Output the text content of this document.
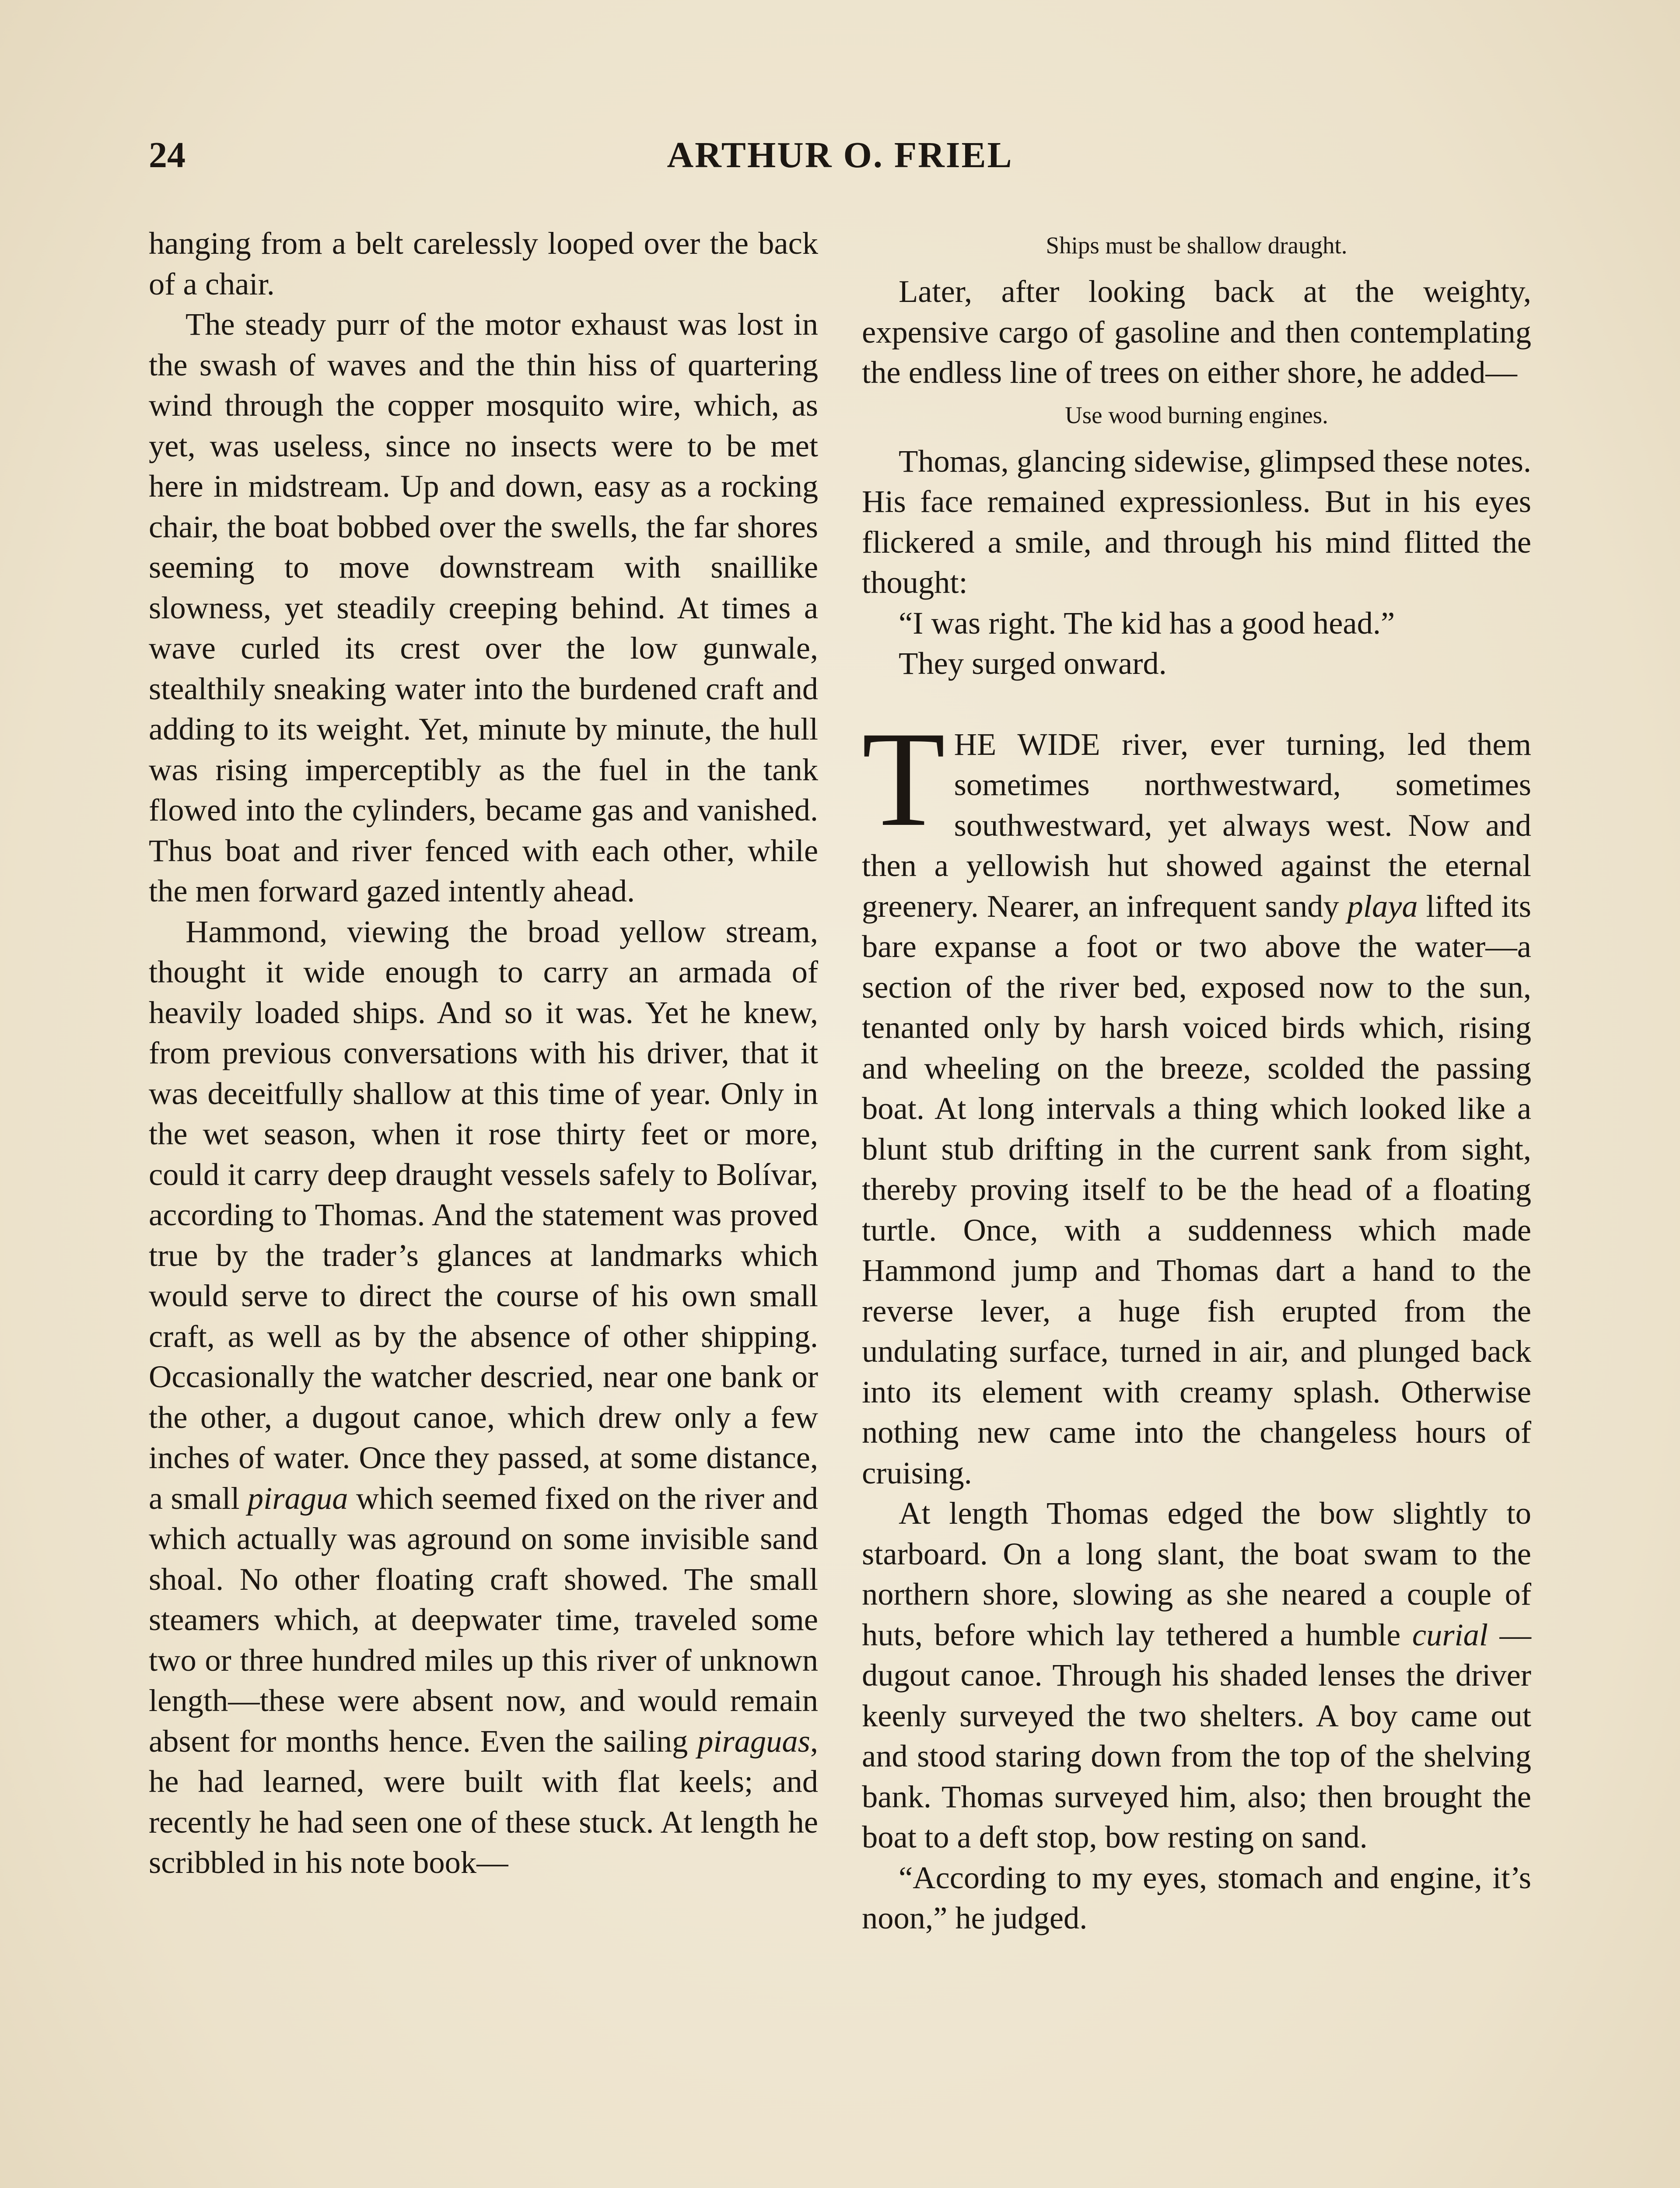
24	ARTHUR O. FRIEL

hanging from a belt carelessly looped over the back of a chair.

The steady purr of the motor exhaust was lost in the swash of waves and the thin hiss of quartering wind through the copper mosquito wire, which, as yet, was useless, since no insects were to be met here in midstream. Up and down, easy as a rocking chair, the boat bobbed over the swells, the far shores seeming to move downstream with snaillike slowness, yet steadily creeping behind. At times a wave curled its crest over the low gunwale, stealthily sneaking water into the burdened craft and adding to its weight. Yet, minute by minute, the hull was rising imperceptibly as the fuel in the tank flowed into the cylinders, became gas and vanished. Thus boat and river fenced with each other, while the men forward gazed intently ahead.

Hammond, viewing the broad yellow stream, thought it wide enough to carry an armada of heavily loaded ships. And so it was. Yet he knew, from previous conversations with his driver, that it was deceitfully shallow at this time of year. Only in the wet season, when it rose thirty feet or more, could it carry deep draught vessels safely to Bolívar, according to Thomas. And the statement was proved true by the trader’s glances at landmarks which would serve to direct the course of his own small craft, as well as by the absence of other shipping. Occasionally the watcher descried, near one bank or the other, a dugout canoe, which drew only a few inches of water. Once they passed, at some distance, a small piragua which seemed fixed on the river and which actually was aground on some invisible sand shoal. No other floating craft showed. The small steamers which, at deepwater time, traveled some two or three hundred miles up this river of unknown length—these were absent now, and would remain absent for months hence. Even the sailing piraguas, he had learned, were built with flat keels; and recently he had seen one of these stuck. At length he scribbled in his note book—

Ships must be shallow draught.

Later, after looking back at the weighty, expensive cargo of gasoline and then contemplating the endless line of trees on either shore, he added—

Use wood burning engines.

Thomas, glancing sidewise, glimpsed these notes. His face remained expressionless. But in his eyes flickered a smile, and through his mind flitted the thought:

“I was right. The kid has a good head.”

They surged onward.

THE WIDE river, ever turning, led them sometimes northwestward, sometimes southwestward, yet always west. Now and then a yellowish hut showed against the eternal greenery. Nearer, an infrequent sandy playa lifted its bare expanse a foot or two above the water—a section of the river bed, exposed now to the sun, tenanted only by harsh voiced birds which, rising and wheeling on the breeze, scolded the passing boat. At long intervals a thing which looked like a blunt stub drifting in the current sank from sight, thereby proving itself to be the head of a floating turtle. Once, with a suddenness which made Hammond jump and Thomas dart a hand to the reverse lever, a huge fish erupted from the undulating surface, turned in air, and plunged back into its element with creamy splash. Otherwise nothing new came into the changeless hours of cruising.

At length Thomas edged the bow slightly to starboard. On a long slant, the boat swam to the northern shore, slowing as she neared a couple of huts, before which lay tethered a humble curial —dugout canoe. Through his shaded lenses the driver keenly surveyed the two shelters. A boy came out and stood staring down from the top of the shelving bank. Thomas surveyed him, also; then brought the boat to a deft stop, bow resting on sand.

“According to my eyes, stomach and engine, it’s noon,” he judged.
